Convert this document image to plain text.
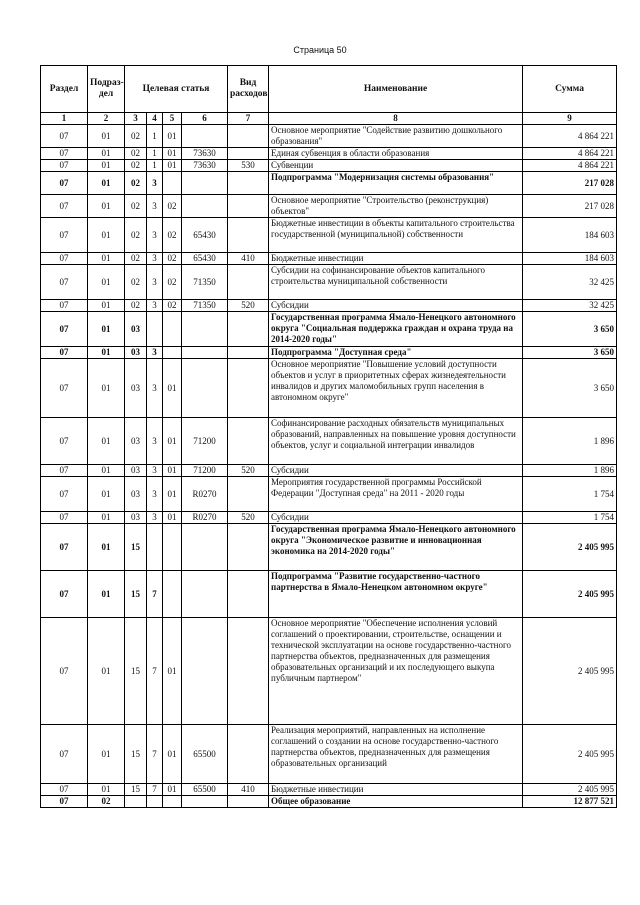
Страница 50
Раздел	Подраз-дел	Целевая статья				Вид расходов	Наименование	Сумма
1	2	3	4	5	6	7	8	9
07	01	02	1	01			Основное мероприятие "Содействие развитию дошкольного образования"	4 864 221
07	01	02	1	01	73630		Единая субвенция в области образования	4 864 221
07	01	02	1	01	73630	530	Субвенции	4 864 221
07	01	02	3				Подпрограмма "Модернизация системы образования"	217 028
07	01	02	3	02			Основное мероприятие "Строительство (реконструкция) объектов"	217 028
07	01	02	3	02	65430		Бюджетные инвестиции в объекты капитального строительства государственной (муниципальной) собственности	184 603
07	01	02	3	02	65430	410	Бюджетные инвестиции	184 603
07	01	02	3	02	71350		Субсидии на софинансирование объектов капитального строительства муниципальной собственности	32 425
07	01	02	3	02	71350	520	Субсидии	32 425
07	01	03					Государственная программа Ямало-Ненецкого автономного округа "Социальная поддержка граждан и охрана труда на 2014-2020 годы"	3 650
07	01	03	3				Подпрограмма "Доступная среда"	3 650
07	01	03	3	01			Основное мероприятие "Повышение условий доступности объектов и услуг в приоритетных сферах жизнедеятельности инвалидов и других маломобильных групп населения в автономном округе"	3 650
07	01	03	3	01	71200		Софинансирование расходных обязательств муниципальных образований, направленных на повышение уровня доступности объектов, услуг и социальной интеграции инвалидов	1 896
07	01	03	3	01	71200	520	Субсидии	1 896
07	01	03	3	01	R0270		Мероприятия государственной программы Российской Федерации "Доступная среда" на 2011 - 2020 годы	1 754
07	01	03	3	01	R0270	520	Субсидии	1 754
07	01	15					Государственная программа Ямало-Ненецкого автономного округа "Экономическое развитие и инновационная экономика на 2014-2020 годы"	2 405 995
07	01	15	7				Подпрограмма "Развитие государственно-частного партнерства в Ямало-Ненецком автономном округе"	2 405 995
07	01	15	7	01			Основное мероприятие "Обеспечение исполнения условий соглашений о проектировании, строительстве, оснащении и технической эксплуатации на основе государственно-частного партнерства объектов, предназначенных для размещения образовательных организаций и их последующего выкупа публичным партнером"	2 405 995
07	01	15	7	01	65500		Реализация мероприятий, направленных на исполнение соглашений о создании на основе государственно-частного партнерства объектов, предназначенных для размещения образовательных организаций	2 405 995
07	01	15	7	01	65500	410	Бюджетные инвестиции	2 405 995
07	02						Общее образование	12 877 521
